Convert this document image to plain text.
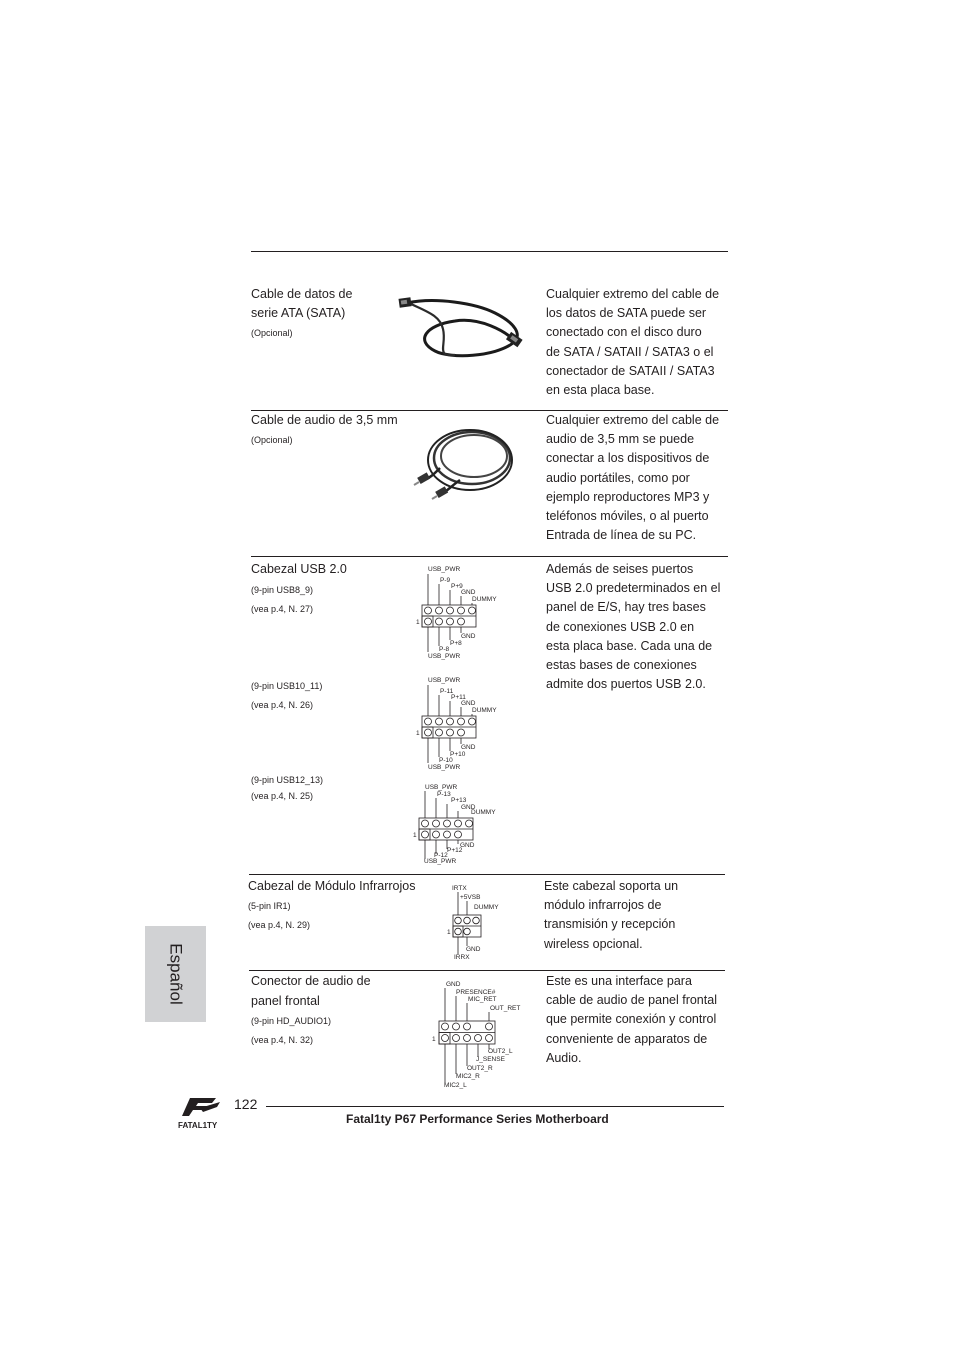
Cable de datos de
serie ATA (SATA)
(Opcional)
Cualquier extremo del cable de
los datos de SATA puede ser
conectado con el disco duro
de SATA / SATAII / SATA3 o el
conectador de SATAII / SATA3
en esta placa base.
Cable de audio de 3,5 mm
(Opcional)
Cualquier extremo del cable de
audio de 3,5 mm se puede
conectar a los dispositivos de
audio portátiles, como por
ejemplo reproductores MP3 y
teléfonos móviles, o al puerto
Entrada de línea de su PC.
Cabezal USB 2.0
(9-pin USB8_9)
(vea p.4, N. 27)
(9-pin USB10_11)
(vea p.4, N. 26)
(9-pin USB12_13)
(vea p.4, N. 25)
USB_PWR
P-9
P+9
GND
DUMMY
1
GND
P+8
P-8
USB_PWR
USB_PWR
P-11
P+11
GND
DUMMY
1
GND
P+10
P-10
USB_PWR
USB_PWR
P-13
P+13
GND
DUMMY
1
GND
P+12
P-12
USB_PWR
Además de seises puertos
USB 2.0 predeterminados en el
panel de E/S, hay tres bases
de conexiones USB 2.0 en
esta placa base. Cada una de
estas bases de conexiones
admite dos puertos USB 2.0.
Cabezal de Módulo Infrarrojos
(5-pin IR1)
(vea p.4, N. 29)
IRTX
+5VSB
DUMMY
1
GND
IRRX
Este cabezal soporta un
módulo infrarrojos de
transmisión y recepción
wireless opcional.
Conector de audio de
panel frontal
(9-pin HD_AUDIO1)
(vea p.4, N. 32)
GND
PRESENCE#
MIC_RET
OUT_RET
1
OUT2_L
J_SENSE
OUT2_R
MIC2_R
MIC2_L
Este es una interface para
cable de audio de panel frontal
que permite conexión y control
conveniente de apparatos de
Audio.
Español
FATAL1TY
122
Fatal1ty P67 Performance Series Motherboard
